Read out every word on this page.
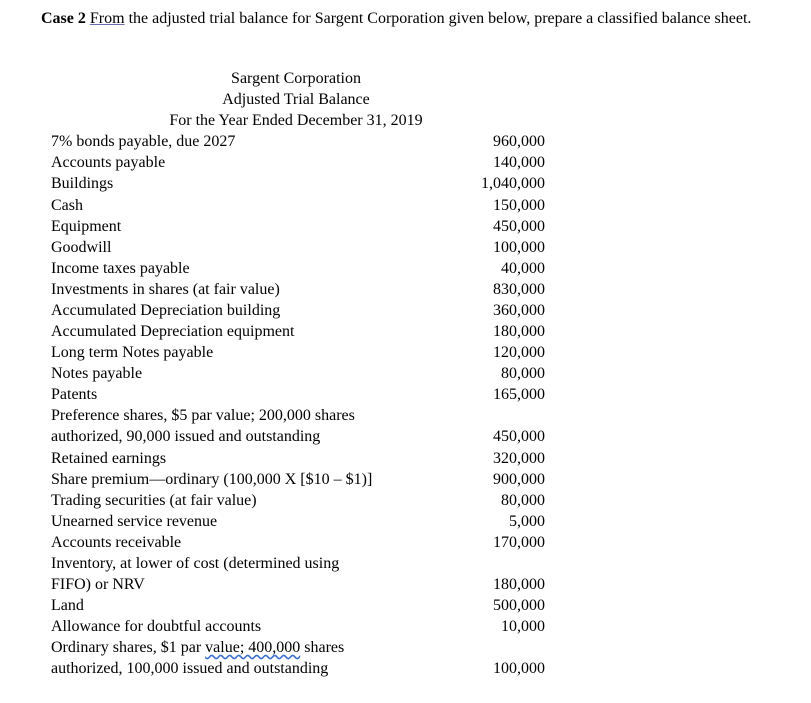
Case 2 From the adjusted trial balance for Sargent Corporation given below, prepare a classified balance sheet.
Sargent Corporation
Adjusted Trial Balance
For the Year Ended December 31, 2019
7% bonds payable, due 2027	960,000
Accounts payable	140,000
Buildings	1,040,000
Cash	150,000
Equipment	450,000
Goodwill	100,000
Income taxes payable	40,000
Investments in shares (at fair value)	830,000
Accumulated Depreciation building	360,000
Accumulated Depreciation equipment	180,000
Long term Notes payable	120,000
Notes payable	80,000
Patents	165,000
Preference shares, $5 par value; 200,000 shares
authorized, 90,000 issued and outstanding	450,000
Retained earnings	320,000
Share premium—ordinary (100,000 X [$10 – $1)]	900,000
Trading securities (at fair value)	80,000
Unearned service revenue	5,000
Accounts receivable	170,000
Inventory, at lower of cost (determined using
FIFO) or NRV	180,000
Land	500,000
Allowance for doubtful accounts	10,000
Ordinary shares, $1 par value; 400,000 shares
authorized, 100,000 issued and outstanding	100,000
